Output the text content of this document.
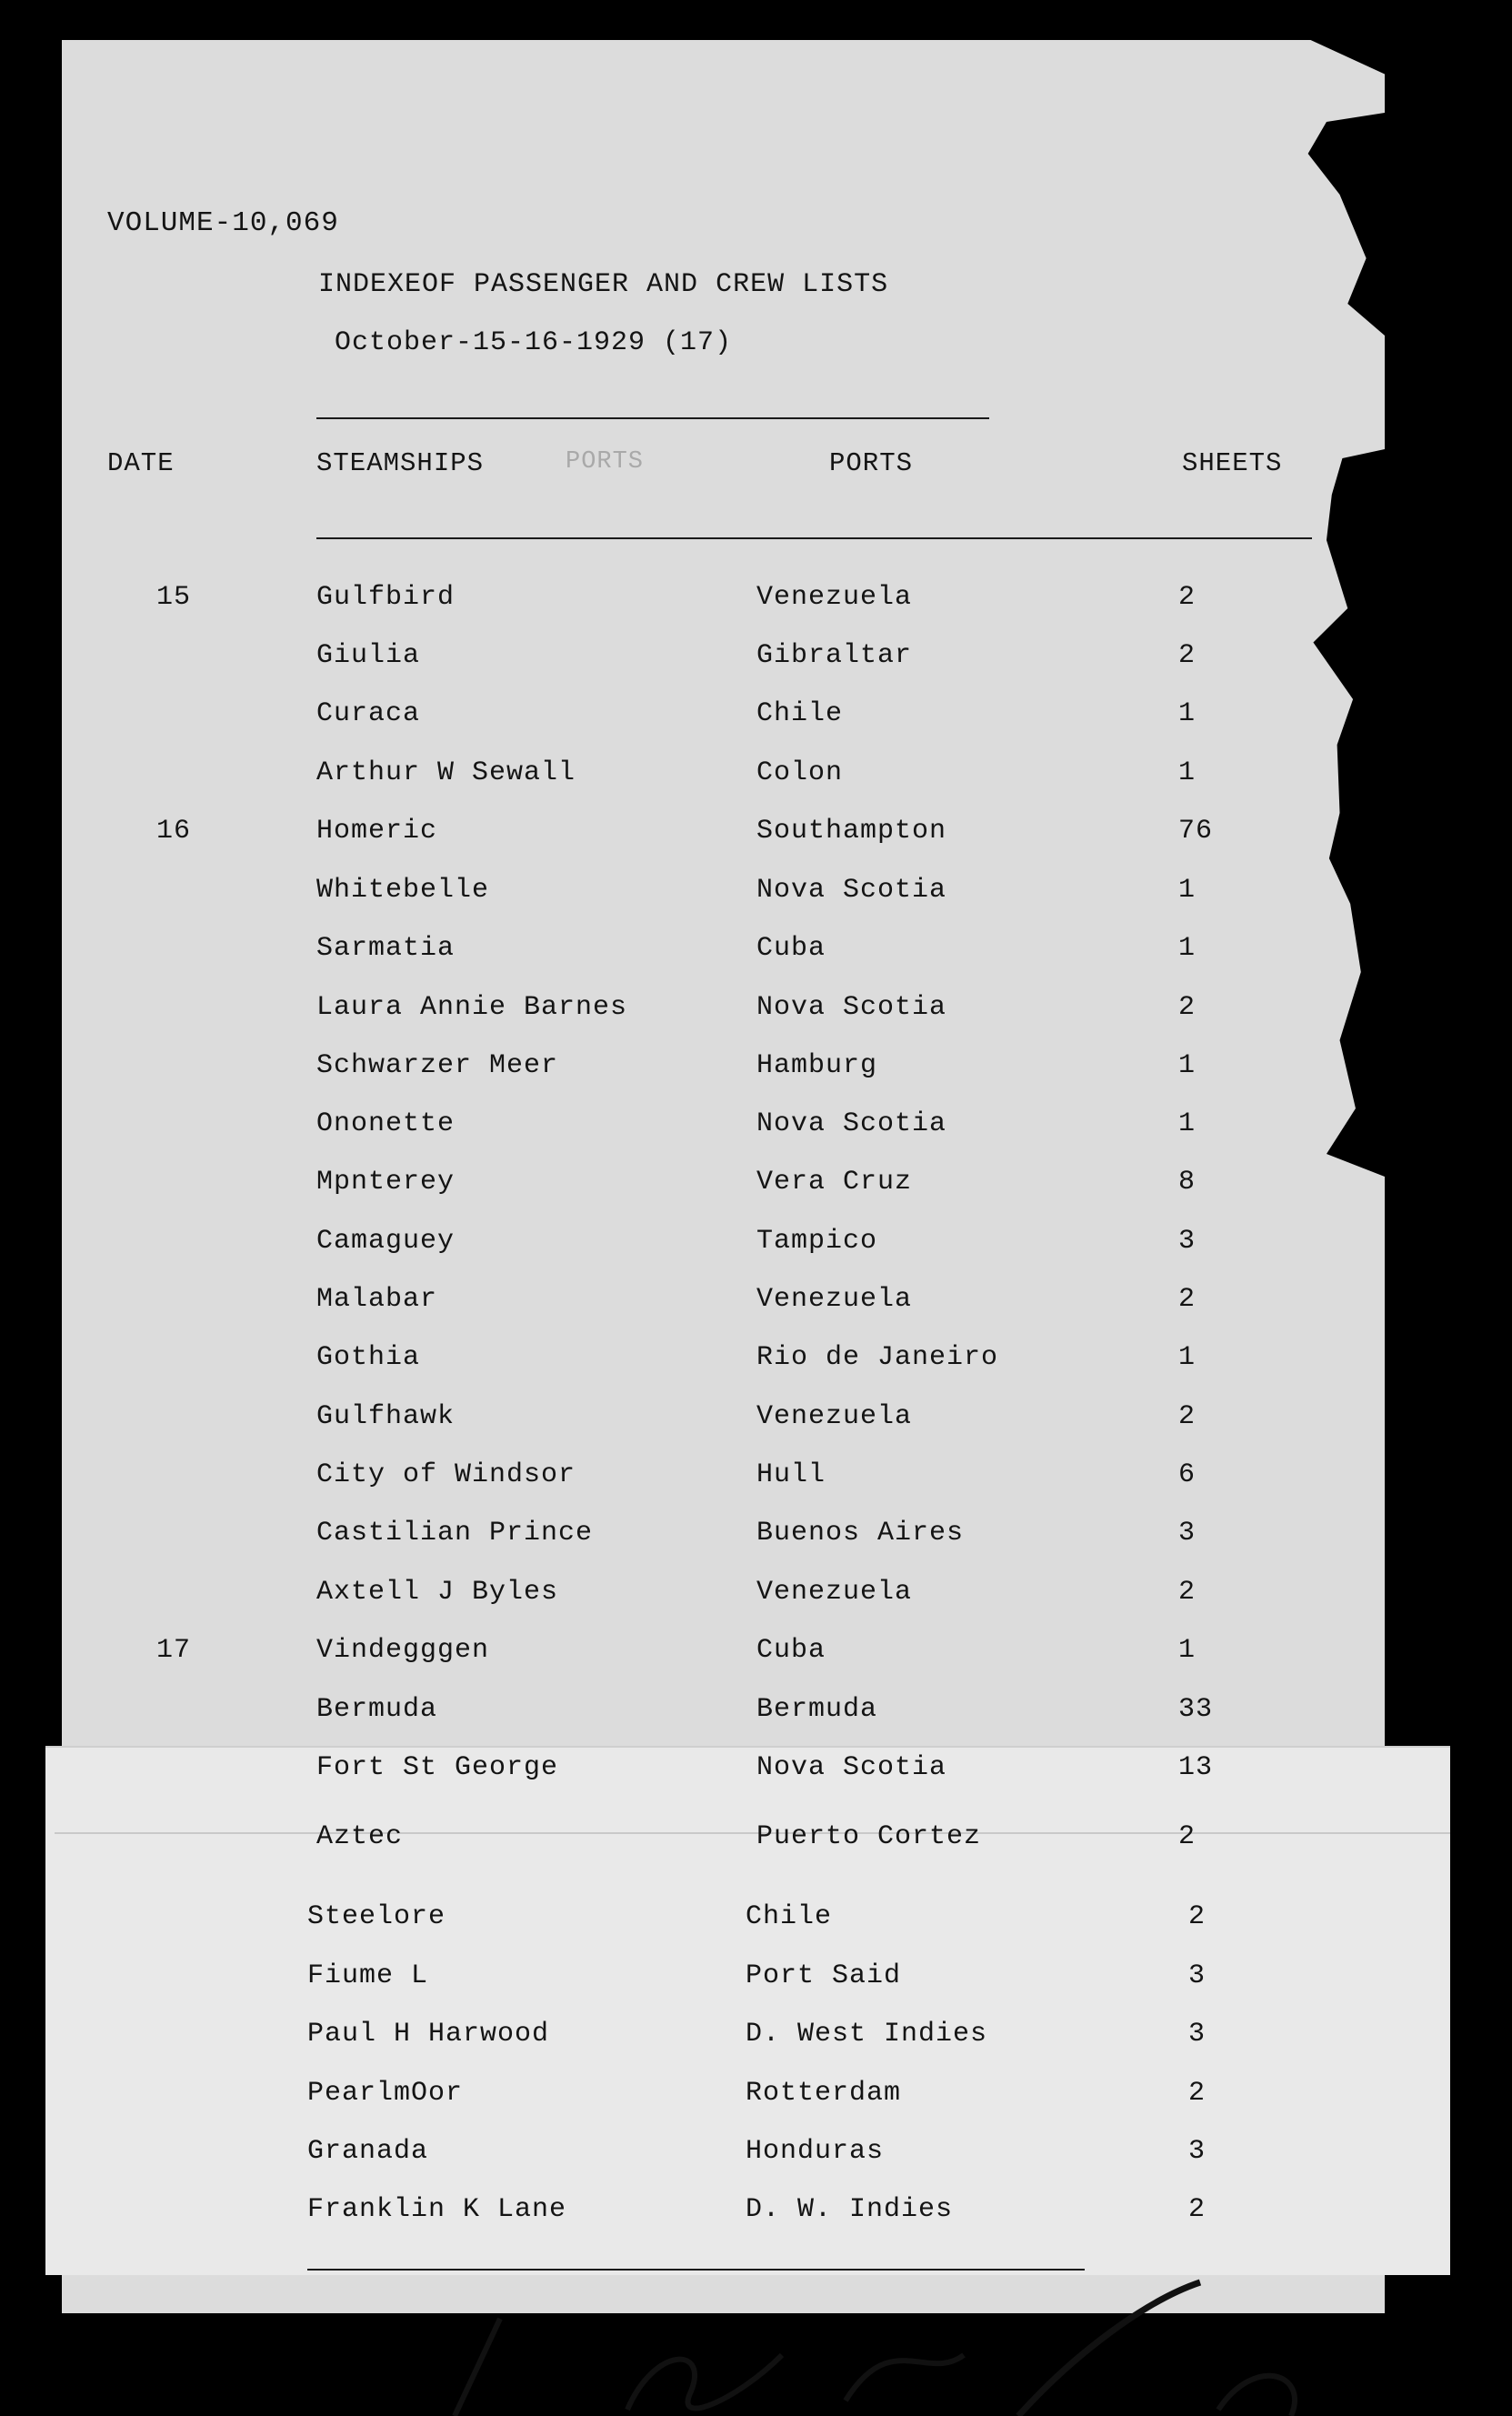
VOLUME-10,069
INDEXEOF PASSENGER AND CREW LISTS
October-15-16-1929 (17)
DATE	STEAMSHIPS	PORTS	PORTS	SHEETS
15	Gulfbird	Venezuela	2
Giulia	Gibraltar	2
Curaca	Chile	1
Arthur W Sewall	Colon	1
16	Homeric	Southampton	76
Whitebelle	Nova Scotia	1
Sarmatia	Cuba	1
Laura Annie Barnes	Nova Scotia	2
Schwarzer Meer	Hamburg	1
Ononette	Nova Scotia	1
Mpnterey	Vera Cruz	8
Camaguey	Tampico	3
Malabar	Venezuela	2
Gothia	Rio de Janeiro	1
Gulfhawk	Venezuela	2
City of Windsor	Hull	6
Castilian Prince	Buenos Aires	3
Axtell J Byles	Venezuela	2
17	Vindegggen	Cuba	1
Bermuda	Bermuda	33
Fort St George	Nova Scotia	13
Aztec	Puerto Cortez	2
Steelore	Chile	2
Fiume L	Port Said	3
Paul H Harwood	D. West Indies	3
PearlmOor	Rotterdam	2
Granada	Honduras	3
Franklin K Lane	D. W. Indies	2
